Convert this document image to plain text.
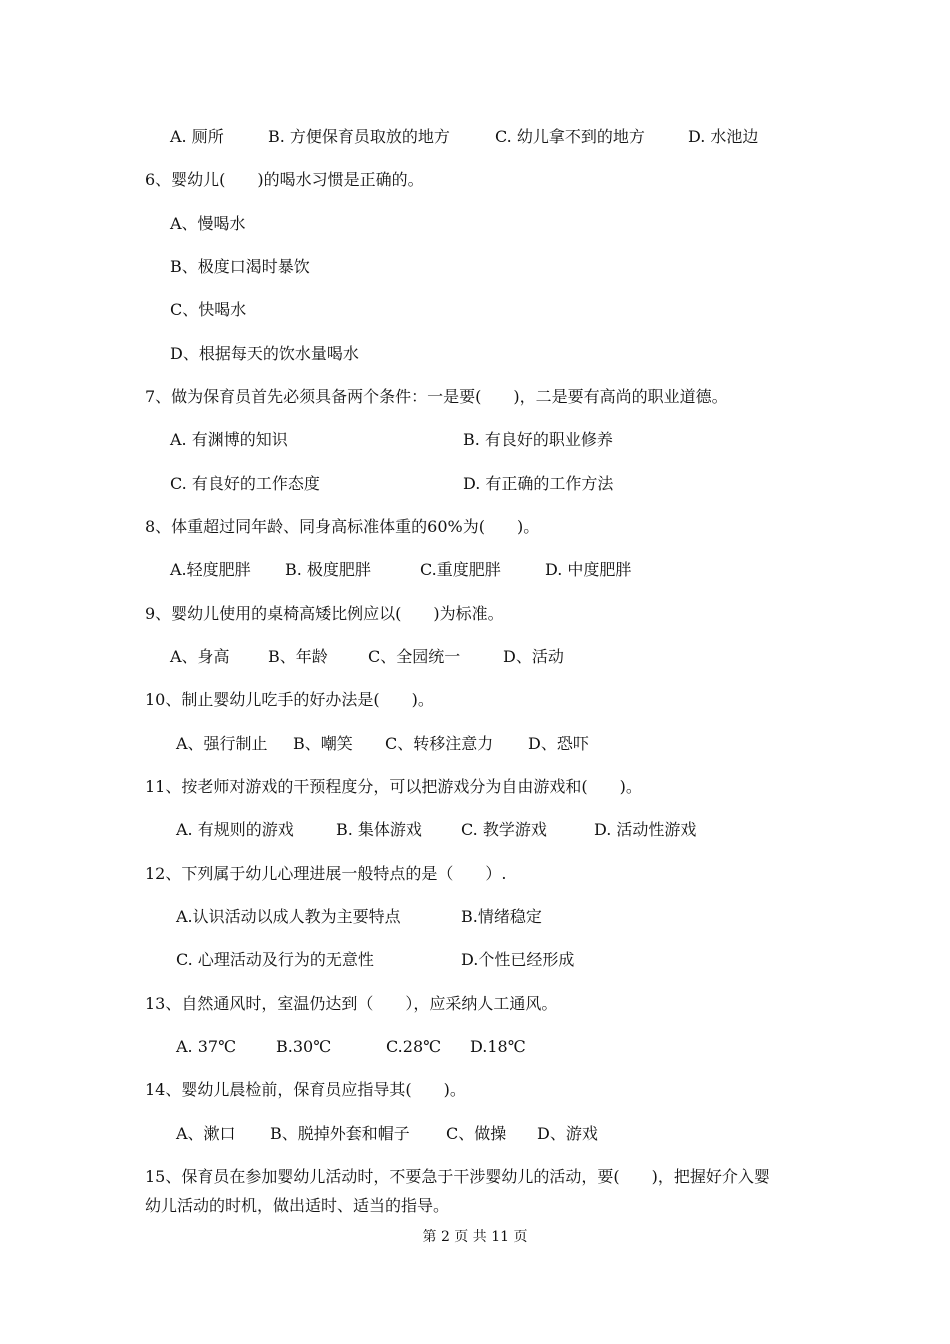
A. 厕所	B. 方便保育员取放的地方	C. 幼儿拿不到的地方	D. 水池边
6、婴幼儿(　　)的喝水习惯是正确的。
A、慢喝水
B、极度口渴时暴饮
C、快喝水
D、根据每天的饮水量喝水
7、做为保育员首先必须具备两个条件：一是要(　　)，二是要有高尚的职业道德。
A. 有渊博的知识	B. 有良好的职业修养
C. 有良好的工作态度	D. 有正确的工作方法
8、体重超过同年龄、同身高标准体重的60%为(　　)。
A.轻度肥胖 B. 极度肥胖	C.重度肥胖	D. 中度肥胖
9、婴幼儿使用的桌椅高矮比例应以(　　)为标准。
A、身高 B、年龄	C、全园统一	D、活动
10、制止婴幼儿吃手的好办法是(　　)。
A、强行制止 B、嘲笑 C、转移注意力 D、恐吓
11、按老师对游戏的干预程度分，可以把游戏分为自由游戏和(　　)。
A. 有规则的游戏	B. 集体游戏 C. 教学游戏	D. 活动性游戏
12、下列属于幼儿心理进展一般特点的是（　　）.
A.认识活动以成人教为主要特点	B.情绪稳定
C. 心理活动及行为的无意性	D.个性已经形成
13、自然通风时，室温仍达到（　　），应采纳人工通风。
A. 37℃	B.30℃	C.28℃ D.18℃
14、婴幼儿晨检前，保育员应指导其(　　)。
A、漱口 B、脱掉外套和帽子 C、做操 D、游戏
15、保育员在参加婴幼儿活动时，不要急于干涉婴幼儿的活动，要(　　)，把握好介入婴
幼儿活动的时机，做出适时、适当的指导。
第 2 页 共 11 页
